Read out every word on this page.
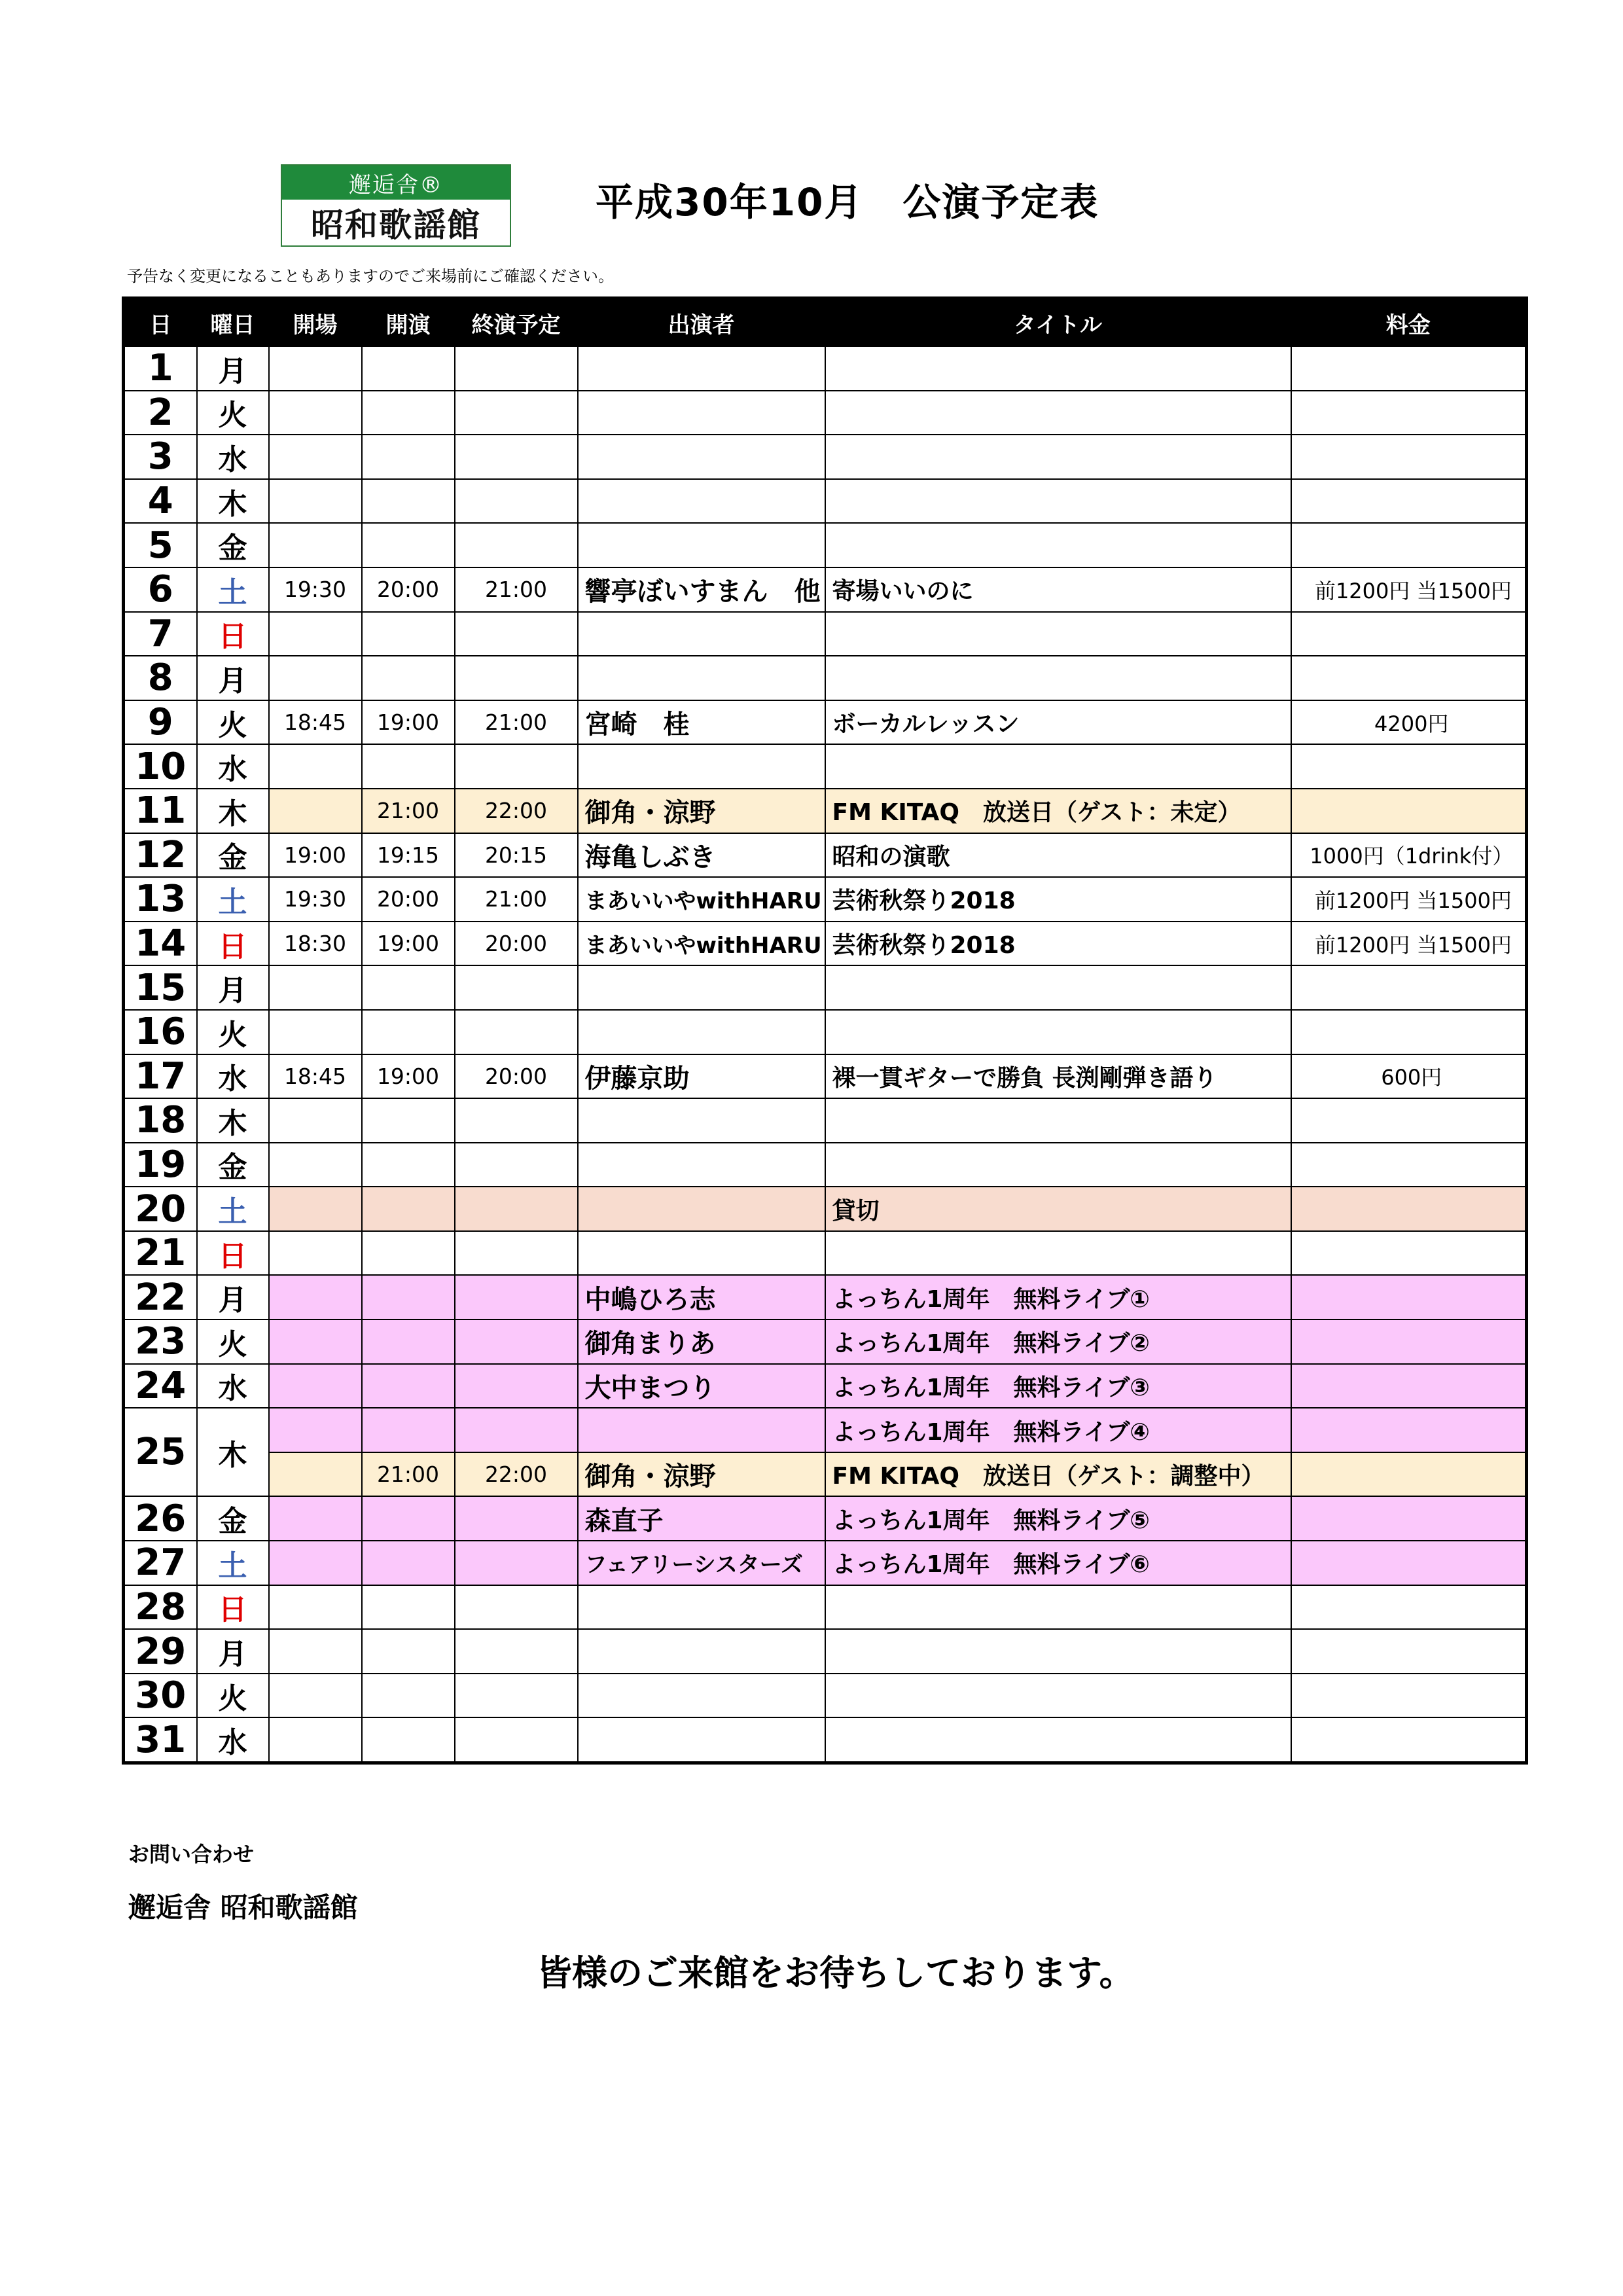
邂逅舎®
昭和歌謡館
平成30年10月　公演予定表
予告なく変更になることもありますのでご来場前にご確認ください。
日	曜日	開場	開演	終演予定	出演者	タイトル	料金
1	月						
2	火						
3	水						
4	木						
5	金						
6	土	19:30	20:00	21:00	響亭ぼいすまん　他	寄場いいのに	前1200円 当1500円
7	日						
8	月						
9	火	18:45	19:00	21:00	宮崎　桂	ボーカルレッスン	4200円
10	水						
11	木		21:00	22:00	御角・涼野	FM KITAQ　放送日（ゲスト：未定）	
12	金	19:00	19:15	20:15	海亀しぶき	昭和の演歌	1000円（1drink付）
13	土	19:30	20:00	21:00	まあいいやwithHARU	芸術秋祭り2018	前1200円 当1500円
14	日	18:30	19:00	20:00	まあいいやwithHARU	芸術秋祭り2018	前1200円 当1500円
15	月						
16	火						
17	水	18:45	19:00	20:00	伊藤京助	裸一貫ギターで勝負 長渕剛弾き語り	600円
18	木						
19	金						
20	土					貸切	
21	日						
22	月				中嶋ひろ志	よっちん1周年　無料ライブ①	
23	火				御角まりあ	よっちん1周年　無料ライブ②	
24	水				大中まつり	よっちん1周年　無料ライブ③	
25	木					よっちん1周年　無料ライブ④	
			21:00	22:00	御角・涼野	FM KITAQ　放送日（ゲスト：調整中）	
26	金				森直子	よっちん1周年　無料ライブ⑤	
27	土				フェアリーシスターズ	よっちん1周年　無料ライブ⑥	
28	日						
29	月						
30	火						
31	水						
お問い合わせ
邂逅舎 昭和歌謡館
皆様のご来館をお待ちしております。
